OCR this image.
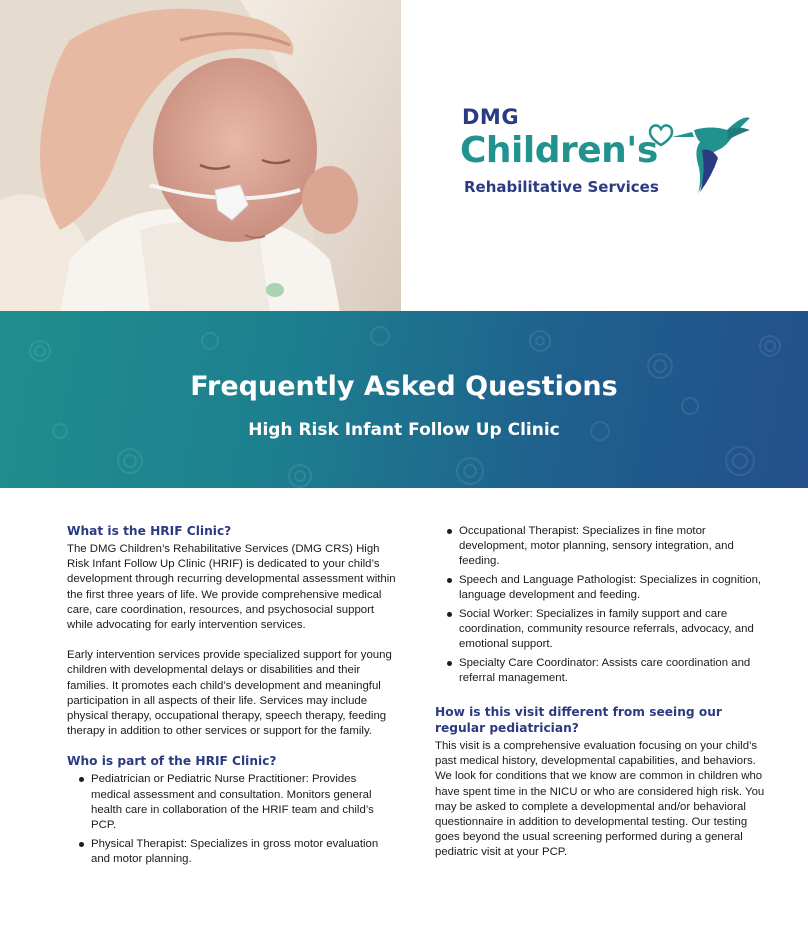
DMG
Children's
Rehabilitative Services
Frequently Asked Questions
High Risk Infant Follow Up Clinic
What is the HRIF Clinic?

The DMG Children’s Rehabilitative Services (DMG CRS) High Risk Infant Follow Up Clinic (HRIF) is dedicated to your child’s development through recurring developmental assessment within the first three years of life. We provide comprehensive medical care, care coordination, resources, and psychosocial support while advocating for early intervention services.

Early intervention services provide specialized support for young children with developmental delays or disabilities and their families. It promotes each child’s development and meaningful participation in all aspects of their life. Services may include physical therapy, occupational therapy, speech therapy, feeding therapy in addition to other services or support for the family.

Who is part of the HRIF Clinic?
Pediatrician or Pediatric Nurse Practitioner: Provides medical assessment and consultation. Monitors general health care in collaboration of the HRIF team and child’s PCP.
Physical Therapist: Specializes in gross motor evaluation and motor planning.
Occupational Therapist: Specializes in fine motor development, motor planning, sensory integration, and feeding.
Speech and Language Pathologist: Specializes in cognition, language development and feeding.
Social Worker: Specializes in family support and care coordination, community resource referrals, advocacy, and emotional support.
Specialty Care Coordinator: Assists care coordination and referral management.
How is this visit different from seeing our regular pediatrician?

This visit is a comprehensive evaluation focusing on your child’s past medical history, developmental capabilities, and behaviors. We look for conditions that we know are common in children who have spent time in the NICU or who are considered high risk. You may be asked to complete a developmental and/or behavioral questionnaire in addition to developmental testing. Our testing goes beyond the usual screening performed during a general pediatric visit at your PCP.
